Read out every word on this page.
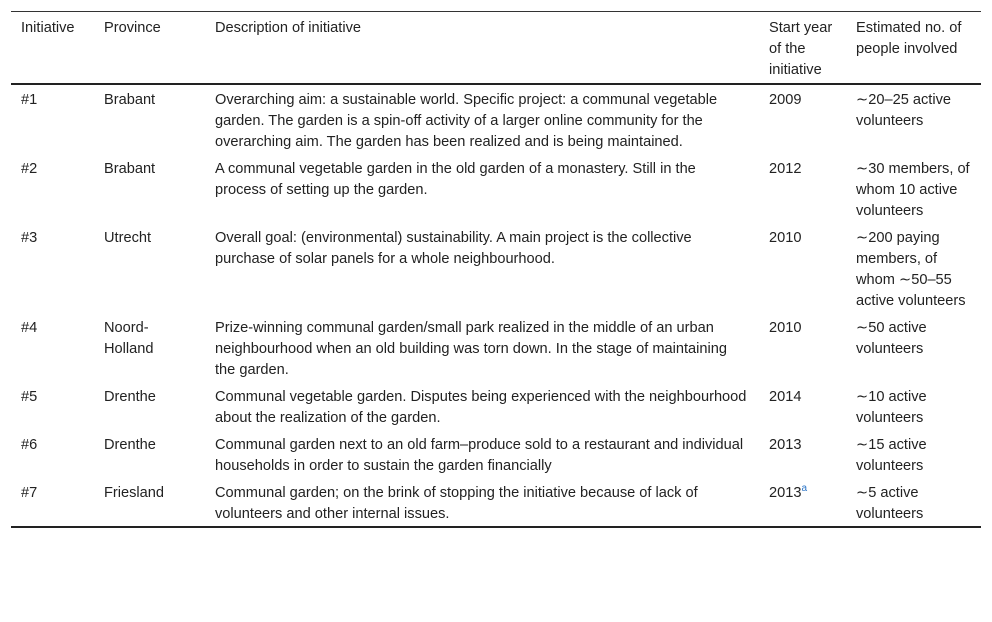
Initiative	Province	Description of initiative	Start year of the initiative	Estimated no. of people involved
#1	Brabant	Overarching aim: a sustainable world. Specific project: a communal vegetable garden. The garden is a spin-off activity of a larger online community for the overarching aim. The garden has been realized and is being maintained.	2009	∼20–25 active volunteers
#2	Brabant	A communal vegetable garden in the old garden of a monastery. Still in the process of setting up the garden.	2012	∼30 members, of whom 10 active volunteers
#3	Utrecht	Overall goal: (environmental) sustainability. A main project is the collective purchase of solar panels for a whole neighbourhood.	2010	∼200 paying members, of whom ∼50–55 active volunteers
#4	Noord-Holland	Prize-winning communal garden/small park realized in the middle of an urban neighbourhood when an old building was torn down. In the stage of maintaining the garden.	2010	∼50 active volunteers
#5	Drenthe	Communal vegetable garden. Disputes being experienced with the neighbourhood about the realization of the garden.	2014	∼10 active volunteers
#6	Drenthe	Communal garden next to an old farm–produce sold to a restaurant and individual households in order to sustain the garden financially	2013	∼15 active volunteers
#7	Friesland	Communal garden; on the brink of stopping the initiative because of lack of volunteers and other internal issues.	2013$^a$	∼5 active volunteers
